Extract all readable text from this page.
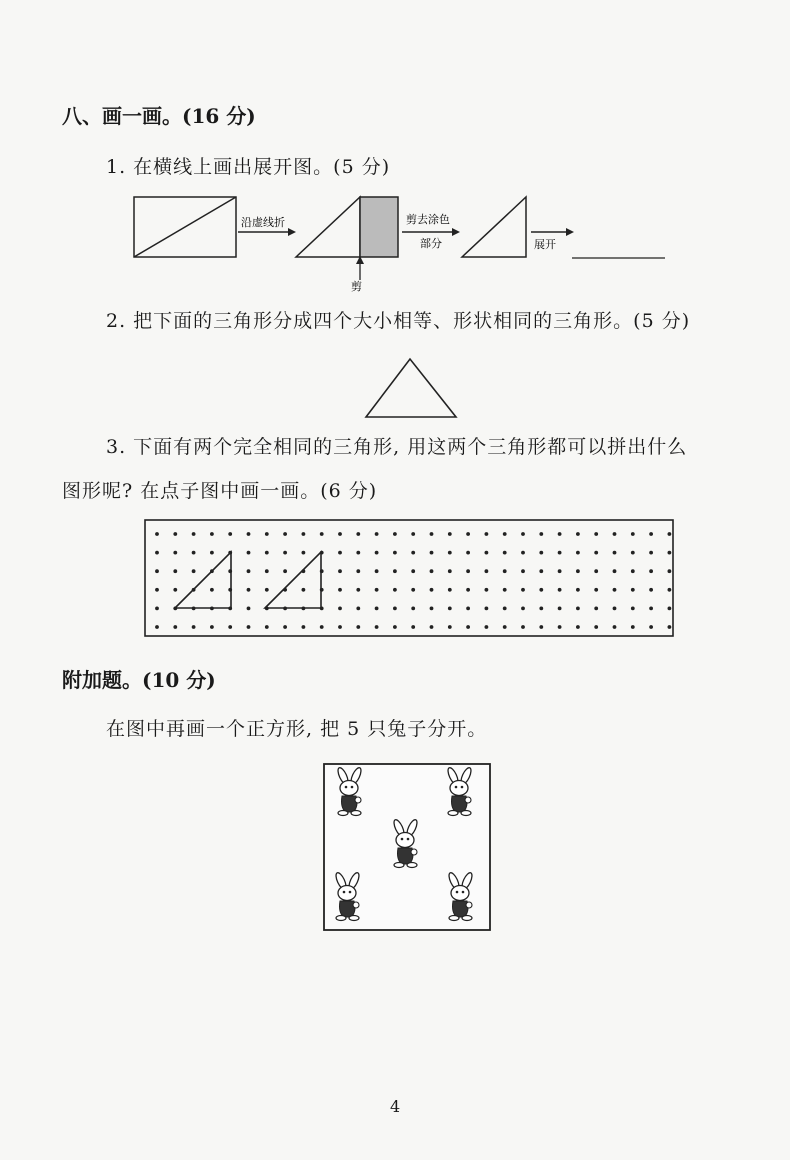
八、画一画。(16 分)
1. 在横线上画出展开图。(5 分)
沿虚线折
剪
剪去涂色
部分	展开
2. 把下面的三角形分成四个大小相等、形状相同的三角形。(5 分)
3. 下面有两个完全相同的三角形, 用这两个三角形都可以拼出什么
图形呢? 在点子图中画一画。(6 分)
附加题。(10 分)
在图中再画一个正方形, 把 5 只兔子分开。
4
